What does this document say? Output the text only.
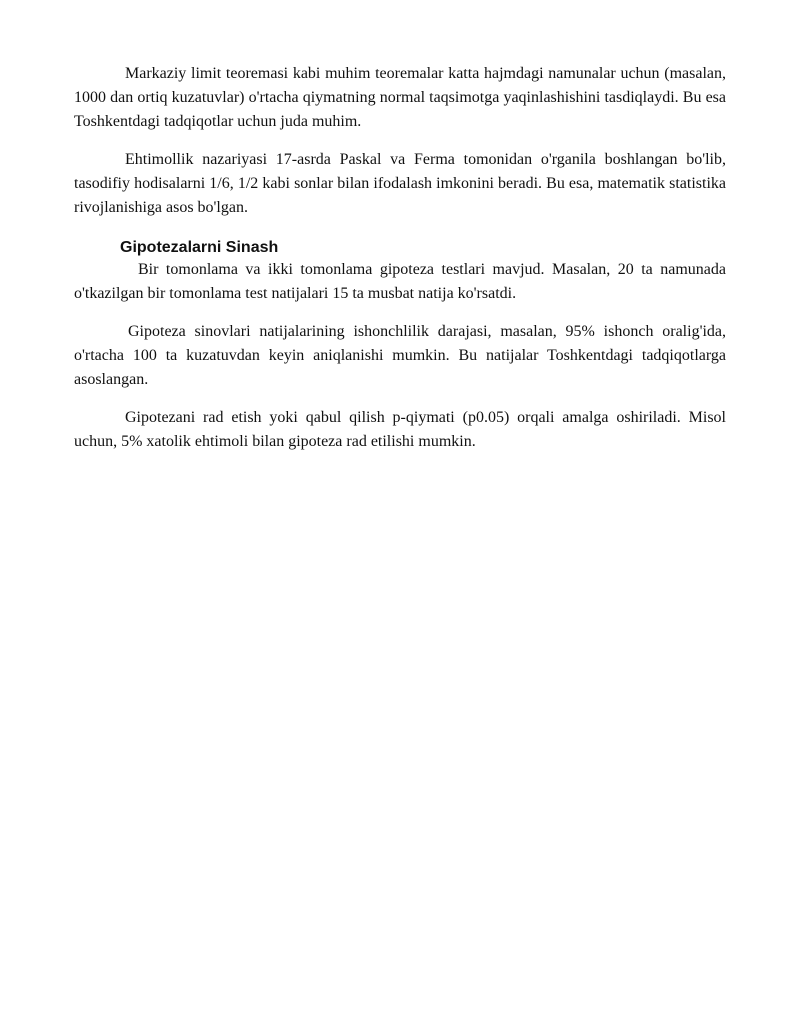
Markaziy limit teoremasi kabi muhim teoremalar katta hajmdagi namunalar uchun (masalan, 1000 dan ortiq kuzatuvlar) o'rtacha qiymatning normal taqsimotga yaqinlashishini tasdiqlaydi. Bu esa Toshkentdagi tadqiqotlar uchun juda muhim.

Ehtimollik nazariyasi 17-asrda Paskal va Ferma tomonidan o'rganila boshlangan bo'lib, tasodifiy hodisalarni 1/6, 1/2 kabi sonlar bilan ifodalash imkonini beradi. Bu esa, matematik statistika rivojlanishiga asos bo'lgan.

Gipotezalarni Sinash

Bir tomonlama va ikki tomonlama gipoteza testlari mavjud. Masalan, 20 ta namunada o'tkazilgan bir tomonlama test natijalari 15 ta musbat natija ko'rsatdi.

Gipoteza sinovlari natijalarining ishonchlilik darajasi, masalan, 95% ishonch oralig'ida, o'rtacha 100 ta kuzatuvdan keyin aniqlanishi mumkin. Bu natijalar Toshkentdagi tadqiqotlarga asoslangan.

Gipotezani rad etish yoki qabul qilish p-qiymati (p0.05) orqali amalga oshiriladi. Misol uchun, 5% xatolik ehtimoli bilan gipoteza rad etilishi mumkin.
